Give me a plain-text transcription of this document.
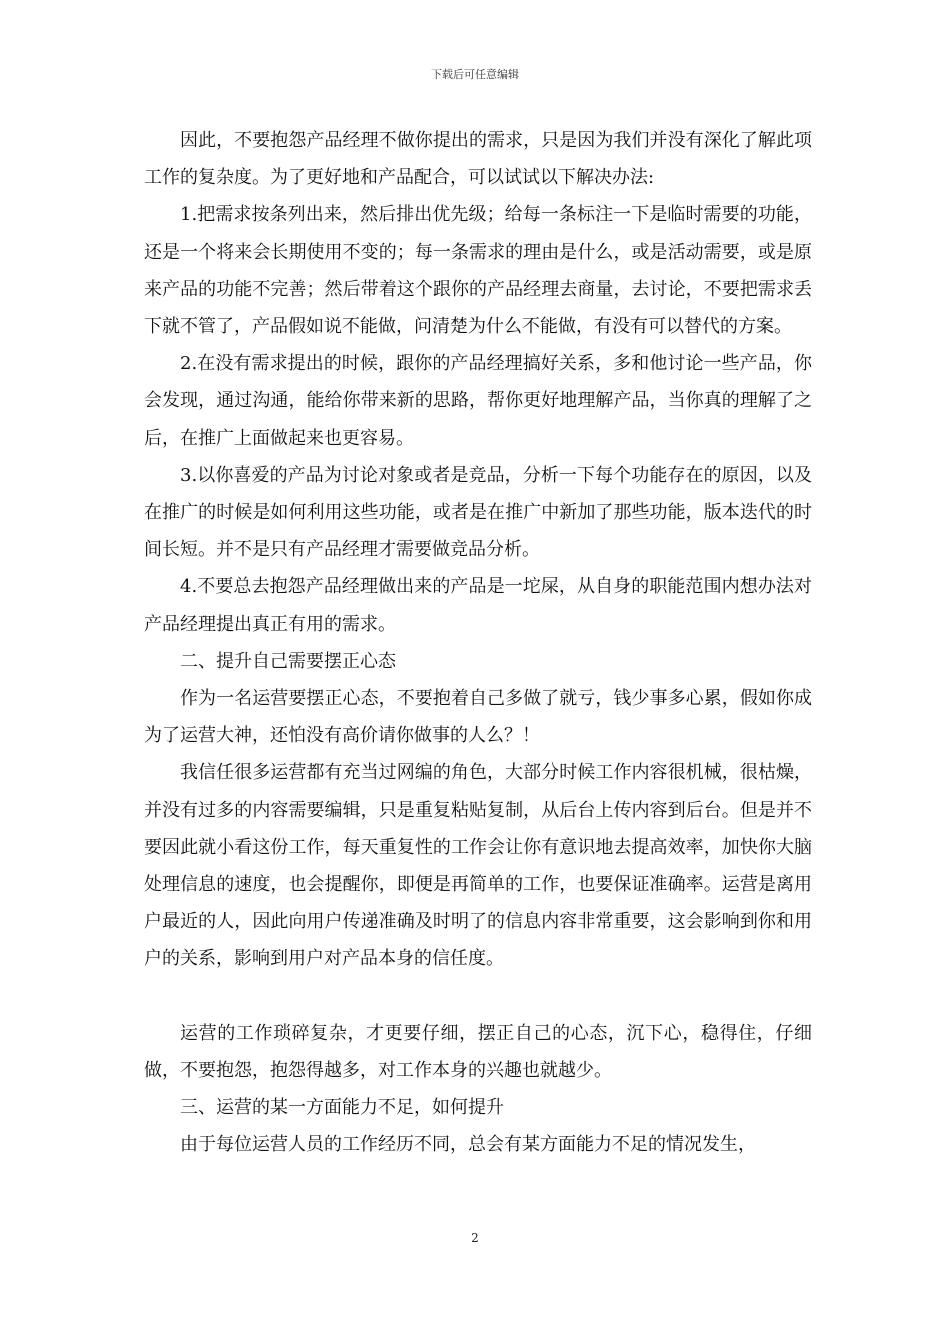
下载后可任意编辑

因此，不要抱怨产品经理不做你提出的需求，只是因为我们并没有深化了解此项工作的复杂度。为了更好地和产品配合，可以试试以下解决办法:

1.把需求按条列出来，然后排出优先级；给每一条标注一下是临时需要的功能，还是一个将来会长期使用不变的；每一条需求的理由是什么，或是活动需要，或是原来产品的功能不完善；然后带着这个跟你的产品经理去商量，去讨论，不要把需求丢下就不管了，产品假如说不能做，问清楚为什么不能做，有没有可以替代的方案。

2.在没有需求提出的时候，跟你的产品经理搞好关系，多和他讨论一些产品，你会发现，通过沟通，能给你带来新的思路，帮你更好地理解产品，当你真的理解了之后，在推广上面做起来也更容易。

3.以你喜爱的产品为讨论对象或者是竞品，分析一下每个功能存在的原因，以及在推广的时候是如何利用这些功能，或者是在推广中新加了那些功能，版本迭代的时间长短。并不是只有产品经理才需要做竞品分析。

4.不要总去抱怨产品经理做出来的产品是一坨屎，从自身的职能范围内想办法对产品经理提出真正有用的需求。

二、提升自己需要摆正心态

作为一名运营要摆正心态，不要抱着自己多做了就亏，钱少事多心累，假如你成为了运营大神，还怕没有高价请你做事的人么？！

我信任很多运营都有充当过网编的角色，大部分时候工作内容很机械，很枯燥，并没有过多的内容需要编辑，只是重复粘贴复制，从后台上传内容到后台。但是并不要因此就小看这份工作，每天重复性的工作会让你有意识地去提高效率，加快你大脑处理信息的速度，也会提醒你，即便是再简单的工作，也要保证准确率。运营是离用户最近的人，因此向用户传递准确及时明了的信息内容非常重要，这会影响到你和用户的关系，影响到用户对产品本身的信任度。

运营的工作琐碎复杂，才更要仔细，摆正自己的心态，沉下心，稳得住，仔细做，不要抱怨，抱怨得越多，对工作本身的兴趣也就越少。

三、运营的某一方面能力不足，如何提升

由于每位运营人员的工作经历不同，总会有某方面能力不足的情况发生，

2
